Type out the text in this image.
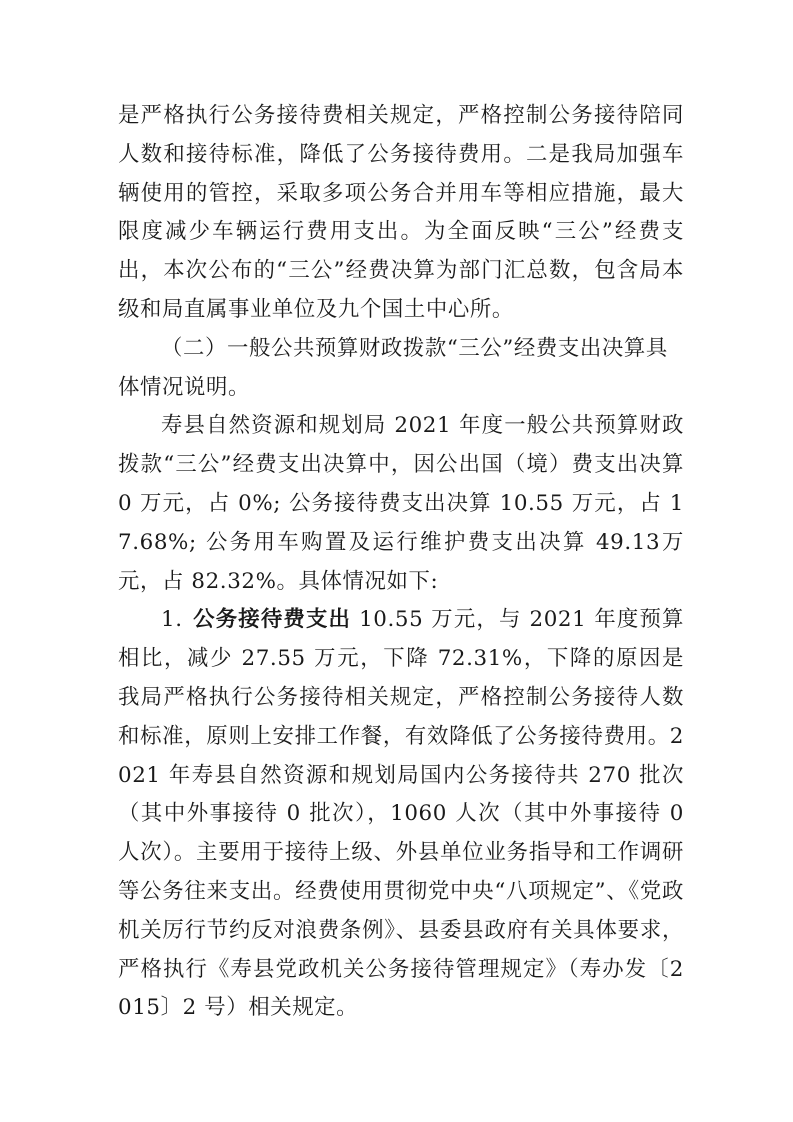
是严格执行公务接待费相关规定，严格控制公务接待陪同人数和接待标准，降低了公务接待费用。二是我局加强车辆使用的管控，采取多项公务合并用车等相应措施，最大限度减少车辆运行费用支出。为全面反映“三公”经费支出，本次公布的“三公”经费决算为部门汇总数，包含局本级和局直属事业单位及九个国土中心所。

（二）一般公共预算财政拨款“三公”经费支出决算具体情况说明。

寿县自然资源和规划局 2021 年度一般公共预算财政拨款“三公”经费支出决算中，因公出国（境）费支出决算 0 万元，占 0%; 公务接待费支出决算 10.55 万元，占 17.68%; 公务用车购置及运行维护费支出决算 49.13万元，占 82.32%。具体情况如下:

1. 公务接待费支出 10.55 万元，与 2021 年度预算相比，减少 27.55 万元，下降 72.31%，下降的原因是我局严格执行公务接待相关规定，严格控制公务接待人数和标准，原则上安排工作餐，有效降低了公务接待费用。2021 年寿县自然资源和规划局国内公务接待共 270 批次（其中外事接待 0 批次），1060 人次（其中外事接待 0 人次）。主要用于接待上级、外县单位业务指导和工作调研等公务往来支出。经费使用贯彻党中央“八项规定”、《党政机关厉行节约反对浪费条例》、县委县政府有关具体要求，严格执行《寿县党政机关公务接待管理规定》（寿办发〔2015〕2 号）相关规定。
